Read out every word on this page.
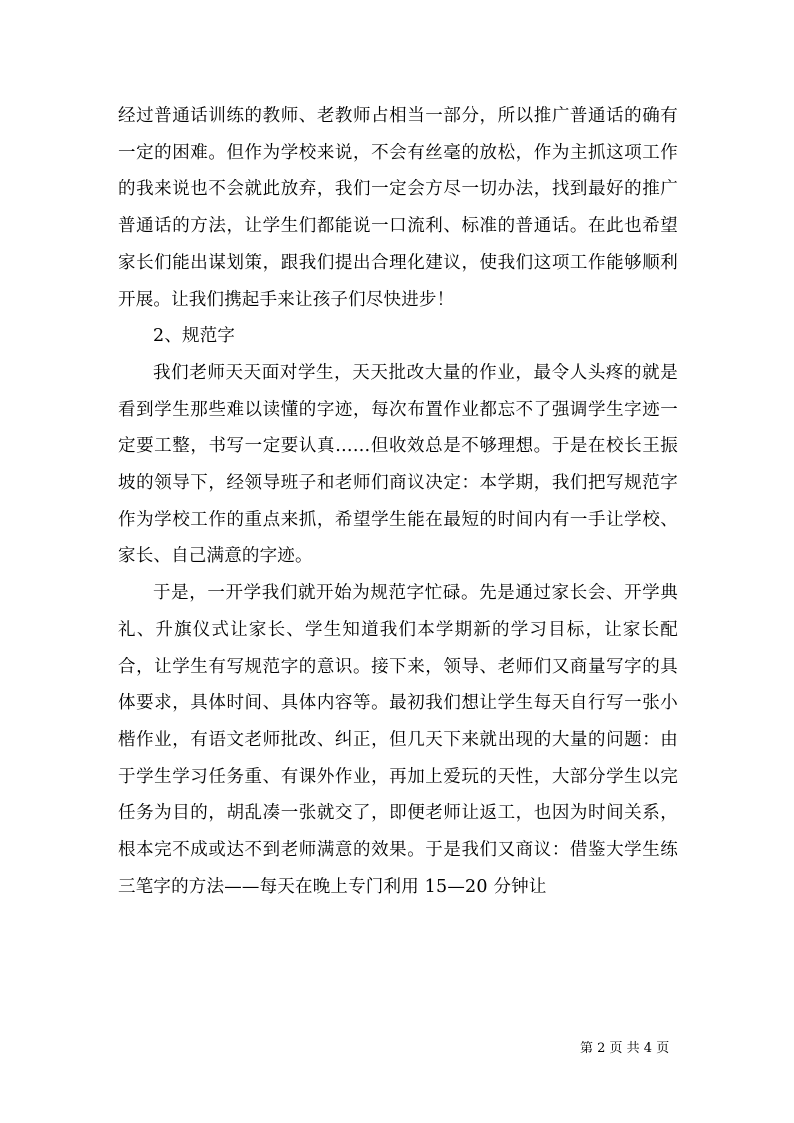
经过普通话训练的教师、老教师占相当一部分，所以推广普通话的确有一定的困难。但作为学校来说，不会有丝毫的放松，作为主抓这项工作的我来说也不会就此放弃，我们一定会方尽一切办法，找到最好的推广普通话的方法，让学生们都能说一口流利、标准的普通话。在此也希望家长们能出谋划策，跟我们提出合理化建议，使我们这项工作能够顺利开展。让我们携起手来让孩子们尽快进步！

2、规范字

我们老师天天面对学生，天天批改大量的作业，最令人头疼的就是看到学生那些难以读懂的字迹，每次布置作业都忘不了强调学生字迹一定要工整，书写一定要认真……但收效总是不够理想。于是在校长王振坡的领导下，经领导班子和老师们商议决定：本学期，我们把写规范字作为学校工作的重点来抓，希望学生能在最短的时间内有一手让学校、家长、自己满意的字迹。

于是，一开学我们就开始为规范字忙碌。先是通过家长会、开学典礼、升旗仪式让家长、学生知道我们本学期新的学习目标，让家长配合，让学生有写规范字的意识。接下来，领导、老师们又商量写字的具体要求，具体时间、具体内容等。最初我们想让学生每天自行写一张小楷作业，有语文老师批改、纠正，但几天下来就出现的大量的问题：由于学生学习任务重、有课外作业，再加上爱玩的天性，大部分学生以完任务为目的，胡乱凑一张就交了，即便老师让返工，也因为时间关系，根本完不成或达不到老师满意的效果。于是我们又商议：借鉴大学生练三笔字的方法——每天在晚上专门利用 15—20 分钟让

第 2 页 共 4 页
